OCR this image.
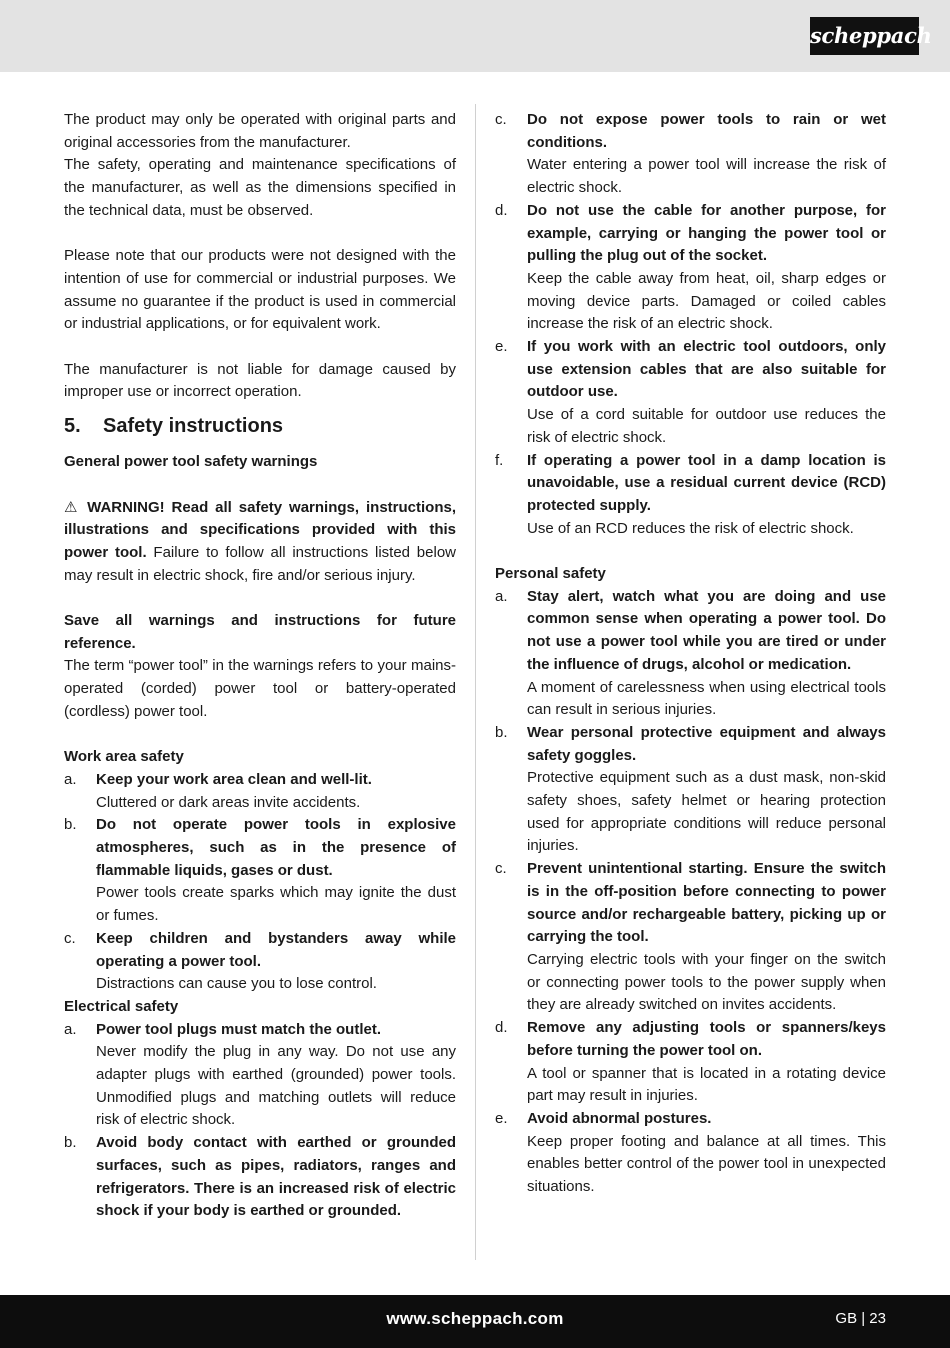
scheppach

The product may only be operated with original parts and original accessories from the manufacturer.

The safety, operating and maintenance specifications of the manufacturer, as well as the dimensions specified in the technical data, must be observed.

Please note that our products were not designed with the intention of use for commercial or industrial purposes. We assume no guarantee if the product is used in commercial or industrial applications, or for equivalent work.

The manufacturer is not liable for damage caused by improper use or incorrect operation.

5.	Safety instructions

General power tool safety warnings

⚠ WARNING! Read all safety warnings, instructions, illustrations and specifications provided with this power tool. Failure to follow all instructions listed below may result in electric shock, fire and/or serious injury.

Save all warnings and instructions for future reference.

The term “power tool” in the warnings refers to your mains-operated (corded) power tool or battery-operated (cordless) power tool.

Work area safety

a.	Keep your work area clean and well-lit.

Cluttered or dark areas invite accidents.

b.	Do not operate power tools in explosive atmospheres, such as in the presence of flammable liquids, gases or dust.

Power tools create sparks which may ignite the dust or fumes.

c.	Keep children and bystanders away while operating a power tool.

Distractions can cause you to lose control.

Electrical safety

a.	Power tool plugs must match the outlet.

Never modify the plug in any way. Do not use any adapter plugs with earthed (grounded) power tools. Unmodified plugs and matching outlets will reduce risk of electric shock.

b.	Avoid body contact with earthed or grounded surfaces, such as pipes, radiators, ranges and refrigerators. There is an increased risk of electric shock if your body is earthed or grounded.

c.	Do not expose power tools to rain or wet conditions.

Water entering a power tool will increase the risk of electric shock.

d.	Do not use the cable for another purpose, for example, carrying or hanging the power tool or pulling the plug out of the socket.

Keep the cable away from heat, oil, sharp edges or moving device parts. Damaged or coiled cables increase the risk of an electric shock.

e.	If you work with an electric tool outdoors, only use extension cables that are also suitable for outdoor use.

Use of a cord suitable for outdoor use reduces the risk of electric shock.

f.	If operating a power tool in a damp location is unavoidable, use a residual current device (RCD) protected supply.

Use of an RCD reduces the risk of electric shock.

Personal safety

a.	Stay alert, watch what you are doing and use common sense when operating a power tool. Do not use a power tool while you are tired or under the influence of drugs, alcohol or medication.

A moment of carelessness when using electrical tools can result in serious injuries.

b.	Wear personal protective equipment and always safety goggles.

Protective equipment such as a dust mask, non-skid safety shoes, safety helmet or hearing protection used for appropriate conditions will reduce personal injuries.

c.	Prevent unintentional starting. Ensure the switch is in the off-position before connecting to power source and/or rechargeable battery, picking up or carrying the tool.

Carrying electric tools with your finger on the switch or connecting power tools to the power supply when they are already switched on invites accidents.

d.	Remove any adjusting tools or spanners/keys before turning the power tool on.

A tool or spanner that is located in a rotating device part may result in injuries.

e.	Avoid abnormal postures.

Keep proper footing and balance at all times. This enables better control of the power tool in unexpected situations.

www.scheppach.com	GB | 23
